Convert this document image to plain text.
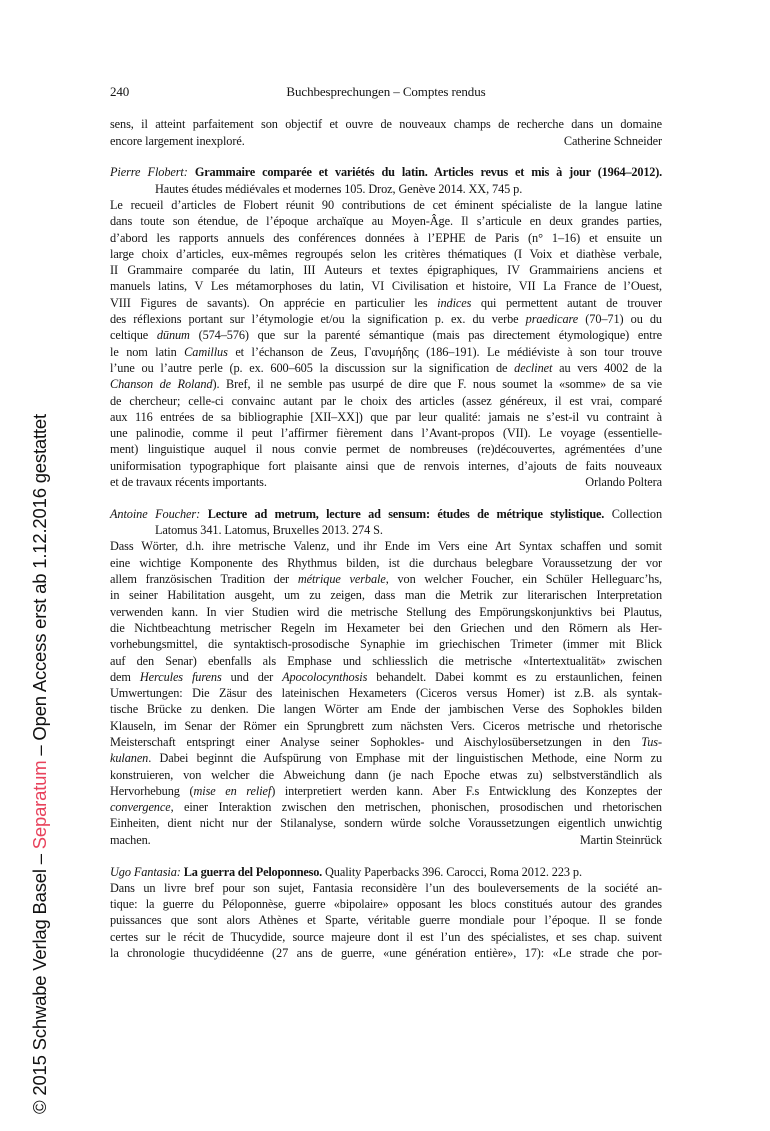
© 2015 Schwabe Verlag Basel – Separatum – Open Access erst ab 1.12.2016 gestattet
240	Buchbesprechungen – Comptes rendus
sens, il atteint parfaitement son objectif et ouvre de nouveaux champs de recherche dans un domaine
encore largement inexploré.	Catherine Schneider
Pierre Flobert: Grammaire comparée et variétés du latin. Articles revus et mis à jour (1964–2012).
Hautes études médiévales et modernes 105. Droz, Genève 2014. XX, 745 p.
Le recueil d’articles de Flobert réunit 90 contributions de cet éminent spécialiste de la langue latine
dans toute son étendue, de l’époque archaïque au Moyen-Âge. Il s’articule en deux grandes parties,
d’abord les rapports annuels des conférences données à l’EPHE de Paris (n° 1–16) et ensuite un
large choix d’articles, eux-mêmes regroupés selon les critères thématiques (I Voix et diathèse verbale,
II Grammaire comparée du latin, III Auteurs et textes épigraphiques, IV Grammairiens anciens et
manuels latins, V Les métamorphoses du latin, VI Civilisation et histoire, VII La France de l’Ouest,
VIII Figures de savants). On apprécie en particulier les indices qui permettent autant de trouver
des réflexions portant sur l’étymologie et/ou la signification p. ex. du verbe praedicare (70–71) ou du
celtique dūnum (574–576) que sur la parenté sémantique (mais pas directement étymologique) entre
le nom latin Camillus et l’échanson de Zeus, Γανυμήδης (186–191). Le médiéviste à son tour trouve
l’une ou l’autre perle (p. ex. 600–605 la discussion sur la signification de declinet au vers 4002 de la
Chanson de Roland). Bref, il ne semble pas usurpé de dire que F. nous soumet la «somme» de sa vie
de chercheur; celle-ci convainc autant par le choix des articles (assez généreux, il est vrai, comparé
aux 116 entrées de sa bibliographie [XII–XX]) que par leur qualité: jamais ne s’est-il vu contraint à
une palinodie, comme il peut l’affirmer fièrement dans l’Avant-propos (VII). Le voyage (essentielle-
ment) linguistique auquel il nous convie permet de nombreuses (re)découvertes, agrémentées d’une
uniformisation typographique fort plaisante ainsi que de renvois internes, d’ajouts de faits nouveaux
et de travaux récents importants.	Orlando Poltera
Antoine Foucher: Lecture ad metrum, lecture ad sensum: études de métrique stylistique. Collection
Latomus 341. Latomus, Bruxelles 2013. 274 S.
Dass Wörter, d.h. ihre metrische Valenz, und ihr Ende im Vers eine Art Syntax schaffen und somit
eine wichtige Komponente des Rhythmus bilden, ist die durchaus belegbare Voraussetzung der vor
allem französischen Tradition der métrique verbale, von welcher Foucher, ein Schüler Helleguarc’hs,
in seiner Habilitation ausgeht, um zu zeigen, dass man die Metrik zur literarischen Interpretation
verwenden kann. In vier Studien wird die metrische Stellung des Empörungskonjunktivs bei Plautus,
die Nichtbeachtung metrischer Regeln im Hexameter bei den Griechen und den Römern als Her-
vorhebungsmittel, die syntaktisch-prosodische Synaphie im griechischen Trimeter (immer mit Blick
auf den Senar) ebenfalls als Emphase und schliesslich die metrische «Intertextualität» zwischen
dem Hercules furens und der Apocolocynthosis behandelt. Dabei kommt es zu erstaunlichen, feinen
Umwertungen: Die Zäsur des lateinischen Hexameters (Ciceros versus Homer) ist z.B. als syntak-
tische Brücke zu denken. Die langen Wörter am Ende der jambischen Verse des Sophokles bilden
Klauseln, im Senar der Römer ein Sprungbrett zum nächsten Vers. Ciceros metrische und rhetorische
Meisterschaft entspringt einer Analyse seiner Sophokles- und Aischylosübersetzungen in den Tus-
kulanen. Dabei beginnt die Aufspürung von Emphase mit der linguistischen Methode, eine Norm zu
konstruieren, von welcher die Abweichung dann (je nach Epoche etwas zu) selbstverständlich als
Hervorhebung (mise en relief) interpretiert werden kann. Aber F.s Entwicklung des Konzeptes der
convergence, einer Interaktion zwischen den metrischen, phonischen, prosodischen und rhetorischen
Einheiten, dient nicht nur der Stilanalyse, sondern würde solche Voraussetzungen eigentlich unwichtig
machen.	Martin Steinrück
Ugo Fantasia: La guerra del Peloponneso. Quality Paperbacks 396. Carocci, Roma 2012. 223 p.
Dans un livre bref pour son sujet, Fantasia reconsidère l’un des bouleversements de la société an-
tique: la guerre du Péloponnèse, guerre «bipolaire» opposant les blocs constitués autour des grandes
puissances que sont alors Athènes et Sparte, véritable guerre mondiale pour l’époque. Il se fonde
certes sur le récit de Thucydide, source majeure dont il est l’un des spécialistes, et ses chap. suivent
la chronologie thucydidéenne (27 ans de guerre, «une génération entière», 17): «Le strade che por-
